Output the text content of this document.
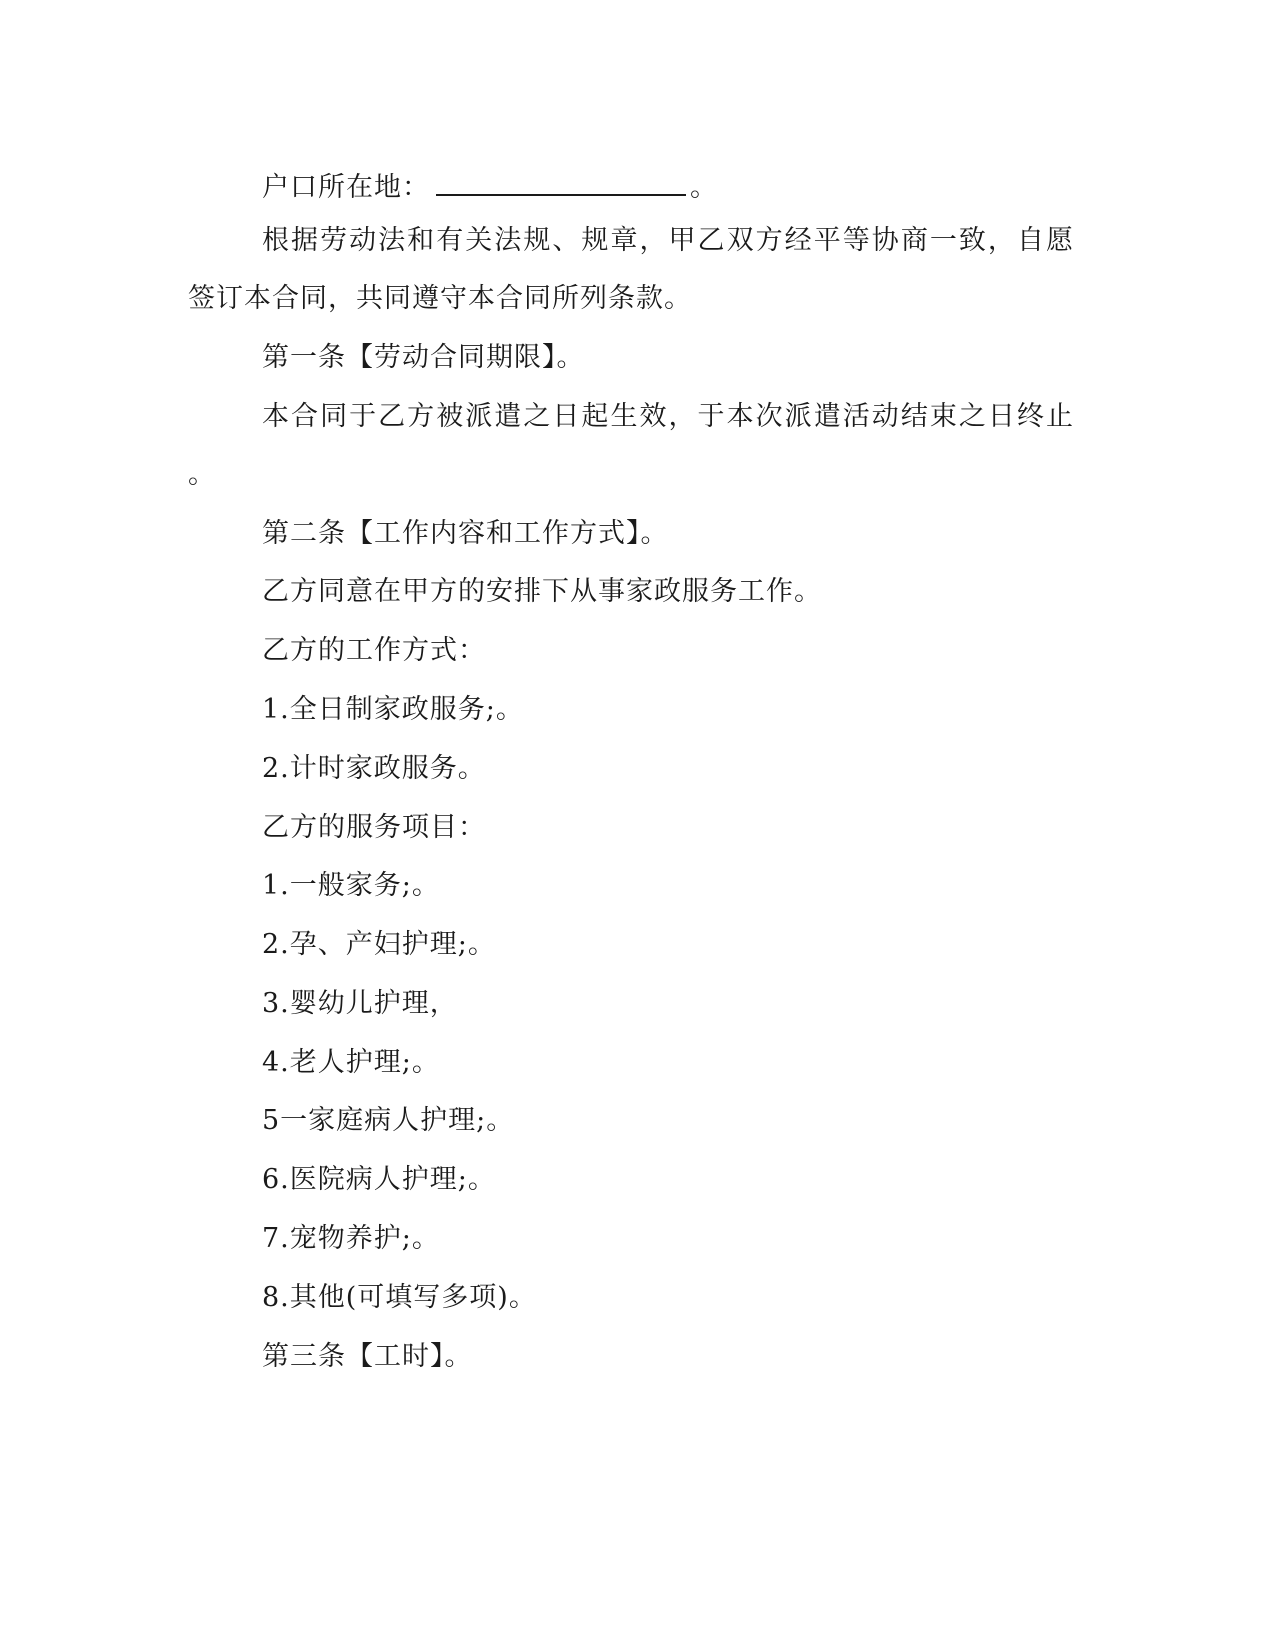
户口所在地：	。
根据劳动法和有关法规、规章，甲乙双方经平等协商一致，自愿
签订本合同，共同遵守本合同所列条款。
第一条【劳动合同期限】。
本合同于乙方被派遣之日起生效，于本次派遣活动结束之日终止
。
第二条【工作内容和工作方式】。
乙方同意在甲方的安排下从事家政服务工作。
乙方的工作方式：
1.全日制家政服务;。
2.计时家政服务。
乙方的服务项目：
1.一般家务;。
2.孕、产妇护理;。
3.婴幼儿护理，
4.老人护理;。
5一家庭病人护理;。
6.医院病人护理;。
7.宠物养护;。
8.其他(可填写多项)。
第三条【工时】。
